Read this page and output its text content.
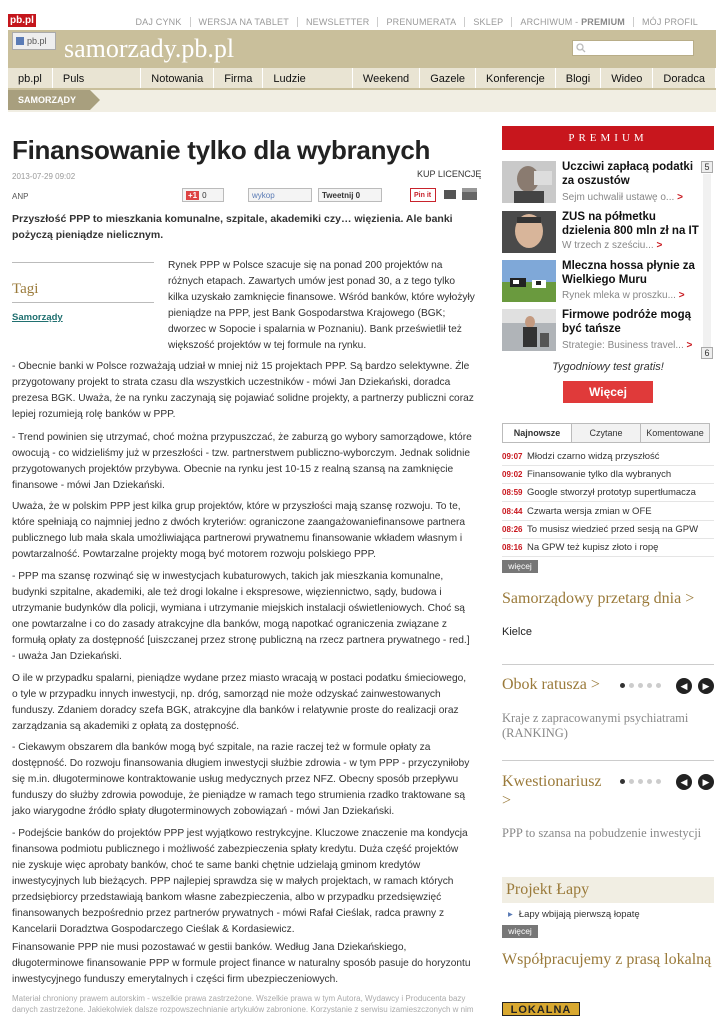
pb.pl	DAJ CYNK	WERSJA NA TABLET	NEWSLETTER	PRENUMERATA	SKLEP	ARCHIWUM - PREMIUM	MÓJ PROFIL
pb.pl samorzady.pb.pl
pb.pl	Puls	Notowania	Firma	Ludzie	Weekend	Gazele	Konferencje	Blogi	Wideo	Doradca
SAMORZĄDY
Finansowanie tylko dla wybranych
2013-07-29 09:02	KUP LICENCJĘ
ANP	+1 0	wykop	Tweetnij
0	Pin it

Przyszłość PPP to mieszkania komunalne, szpitale, akademiki czy… więzienia. Ale banki pożyczą pieniądze nielicznym.

Tagi
Samorządy

Rynek PPP w Polsce szacuje się na ponad 200 projektów na różnych etapach. Zawartych umów jest ponad 30, a z tego tylko kilka uzyskało zamknięcie finansowe. Wśród banków, które wyłożyły pieniądze na PPP, jest Bank Gospodarstwa Krajowego (BGK; dworzec w Sopocie i spalarnia w Poznaniu). Bank prześwietlił też większość projektów w tej formule na rynku.

- Obecnie banki w Polsce rozważają udział w mniej niż 15 projektach PPP. Są bardzo selektywne. Źle przygotowany projekt to strata czasu dla wszystkich uczestników - mówi Jan Dziekański, doradca prezesa BGK. Uważa, że na rynku zaczynają się pojawiać solidne projekty, a partnerzy publiczni coraz lepiej rozumieją rolę banków w PPP.

- Trend powinien się utrzymać, choć można przypuszczać, że zaburzą go wybory samorządowe, które owocują - co widzieliśmy już w przeszłości - tzw. partnerstwem publiczno-wyborczym. Jednak solidnie przygotowanych projektów przybywa. Obecnie na rynku jest 10-15 z realną szansą na zamknięcie finansowe - mówi Jan Dziekański.

Uważa, że w polskim PPP jest kilka grup projektów, które w przyszłości mają szansę rozwoju. To te, które spełniają co najmniej jedno z dwóch kryteriów: ograniczone zaangażowaniefinansowe partnera publicznego lub mała skala umożliwiająca partnerowi prywatnemu finansowanie wkładem własnym i powtarzalność. Powtarzalne projekty mogą być motorem rozwoju polskiego PPP.

- PPP ma szansę rozwinąć się w inwestycjach kubaturowych, takich jak mieszkania komunalne, budynki szpitalne, akademiki, ale też drogi lokalne i ekspresowe, więziennictwo, sądy, budowa i utrzymanie budynków dla policji, wymiana i utrzymanie miejskich instalacji oświetleniowych. Choć są one powtarzalne i co do zasady atrakcyjne dla banków, mogą napotkać ograniczenia związane z formułą opłaty za dostępność [uiszczanej przez stronę publiczną na rzecz partnera prywatnego - red.] - uważa Jan Dziekański.

O ile w przypadku spalarni, pieniądze wydane przez miasto wracają w postaci podatku śmieciowego, o tyle w przypadku innych inwestycji, np. dróg, samorząd nie może odzyskać zainwestowanych funduszy. Zdaniem doradcy szefa BGK, atrakcyjne dla banków i relatywnie proste do realizacji oraz zarządzania są akademiki z opłatą za dostępność.

- Ciekawym obszarem dla banków mogą być szpitale, na razie raczej też w formule opłaty za dostępność. Do rozwoju finansowania długiem inwestycji służbie zdrowia - w tym PPP - przyczyniłoby się m.in. długoterminowe kontraktowanie usług medycznych przez NFZ. Obecny sposób przepływu funduszy do służby zdrowia powoduje, że pieniądze w ramach tego strumienia rzadko traktowane są jako wiarygodne źródło spłaty długoterminowych zobowiązań - mówi Jan Dziekański.

- Podejście banków do projektów PPP jest wyjątkowo restrykcyjne. Kluczowe znaczenie ma kondycja finansowa podmiotu publicznego i możliwość zabezpieczenia spłaty kredytu. Duża część projektów nie zyskuje więc aprobaty banków, choć te same banki chętnie udzielają gminom kredytów inwestycyjnych lub bieżących. PPP najlepiej sprawdza się w małych projektach, w ramach których przedsiębiorcy przedstawiają bankom własne zabezpieczenia, albo w przypadku przedsięwzięć finansowanych bezpośrednio przez partnerów prywatnych - mówi Rafał Cieślak, radca prawny z Kancelarii Doradztwa Gospodarczego Cieślak & Kordasiewicz.

Finansowanie PPP nie musi pozostawać w gestii banków. Według Jana Dziekańskiego, długoterminowe finansowanie PPP w formule project finance w naturalny sposób pasuje do horyzontu inwestycyjnego funduszy emerytalnych i części firm ubezpieczeniowych.

Materiał chroniony prawem autorskim - wszelkie prawa zastrzeżone. Wszelkie prawa w tym Autora, Wydawcy i Producenta bazy danych zastrzeżone. Jakiekolwiek dalsze rozpowszechnianie artykułów zabronione. Korzystanie z serwisu izamieszczonych w nim

PREMIUM
5
6
Uczciwi zapłacą podatki za oszustów
Sejm uchwalił ustawę o... >
ZUS na półmetku dzielenia 800 mln zł na IT
W trzech z sześciu... >
Mleczna hossa płynie za Wielkiego Muru
Rynek mleka w proszku... >
Firmowe podróże mogą być tańsze
Strategie: Business travel... >
Tygodniowy test gratis!
Więcej
Najnowsze	Czytane	Komentowane
09:07 Młodzi czarno widzą przyszłość
09:02 Finansowanie tylko dla wybranych
08:59 Google stworzył prototyp supertłumacza
08:44 Czwarta wersja zmian w OFE
08:26 To musisz wiedzieć przed sesją na GPW
08:16 Na GPW też kupisz złoto i ropę
więcej
Samorządowy przetarg dnia >
Kielce
Obok ratusza >	◀	▶
Kraje z zapracowanymi psychiatrami (RANKING)
Kwestionariusz
>
◀	▶
PPP to szansa na pobudzenie inwestycji
Projekt Łapy
▸ Łapy wbijają pierwszą łopatę
więcej
Współpracujemy z prasą lokalną
LOKALNA
